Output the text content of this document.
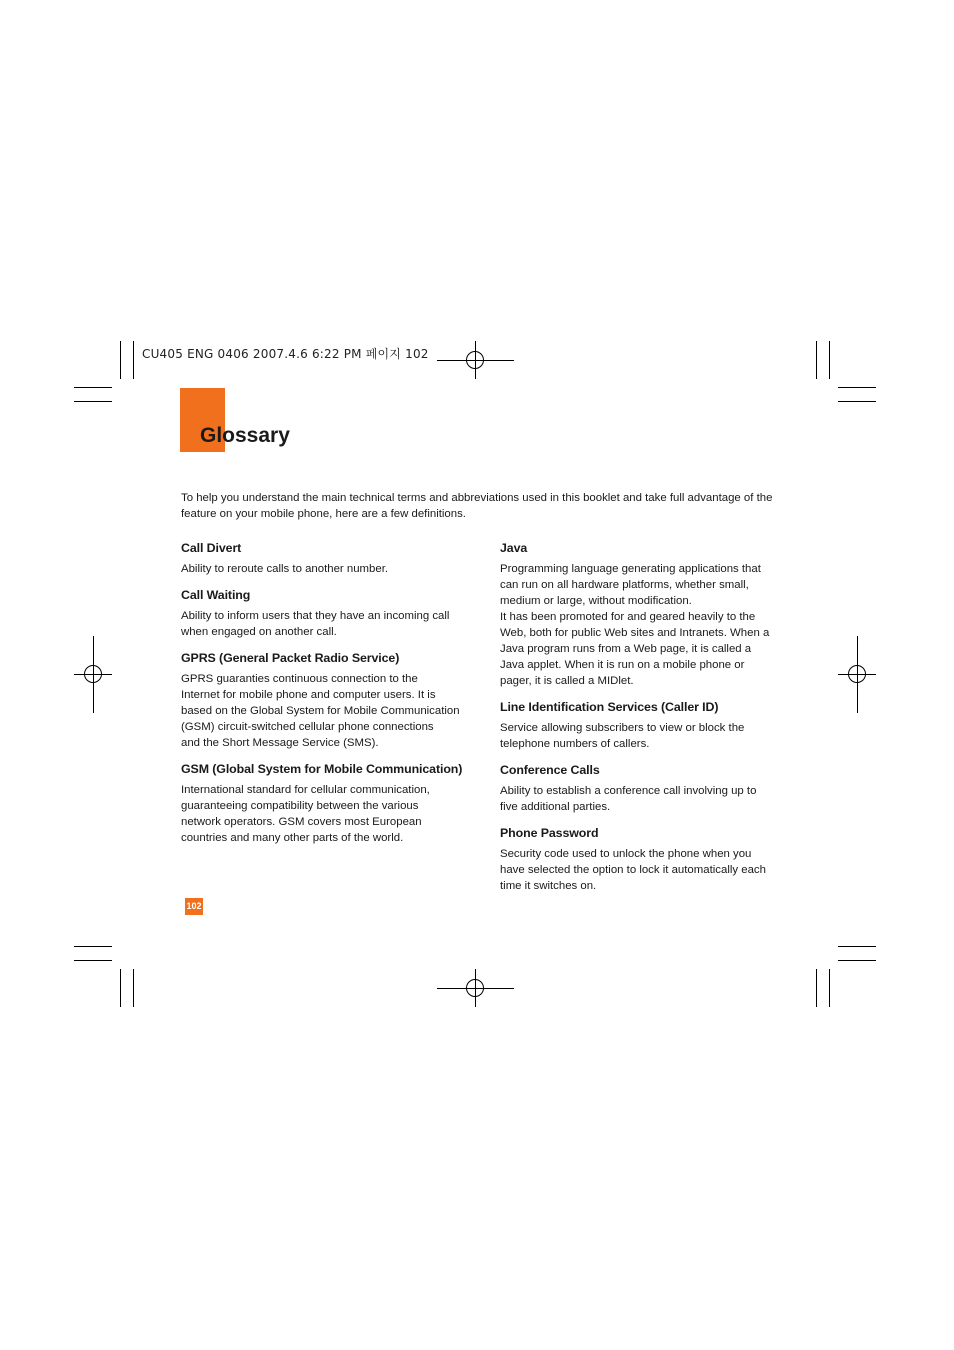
CU405 ENG 0406 2007.4.6 6:22 PM 페이지 102
Glossary
To help you understand the main technical terms and abbreviations used in this booklet and take full advantage of the feature on your mobile phone, here are a few definitions.
Call Divert
Ability to reroute calls to another number.
Call Waiting
Ability to inform users that they have an incoming call
when engaged on another call.
GPRS (General Packet Radio Service)
GPRS guaranties continuous connection to the
Internet for mobile phone and computer users. It is
based on the Global System for Mobile Communication
(GSM) circuit-switched cellular phone connections
and the Short Message Service (SMS).
GSM (Global System for Mobile Communication)
International standard for cellular communication,
guaranteeing compatibility between the various
network operators. GSM covers most European
countries and many other parts of the world.
Java
Programming language generating applications that
can run on all hardware platforms, whether small,
medium or large, without modification.
It has been promoted for and geared heavily to the
Web, both for public Web sites and Intranets. When a
Java program runs from a Web page, it is called a
Java applet. When it is run on a mobile phone or
pager, it is called a MIDlet.
Line Identification Services (Caller ID)
Service allowing subscribers to view or block the
telephone numbers of callers.
Conference Calls
Ability to establish a conference call involving up to
five additional parties.
Phone Password
Security code used to unlock the phone when you
have selected the option to lock it automatically each
time it switches on.
102
